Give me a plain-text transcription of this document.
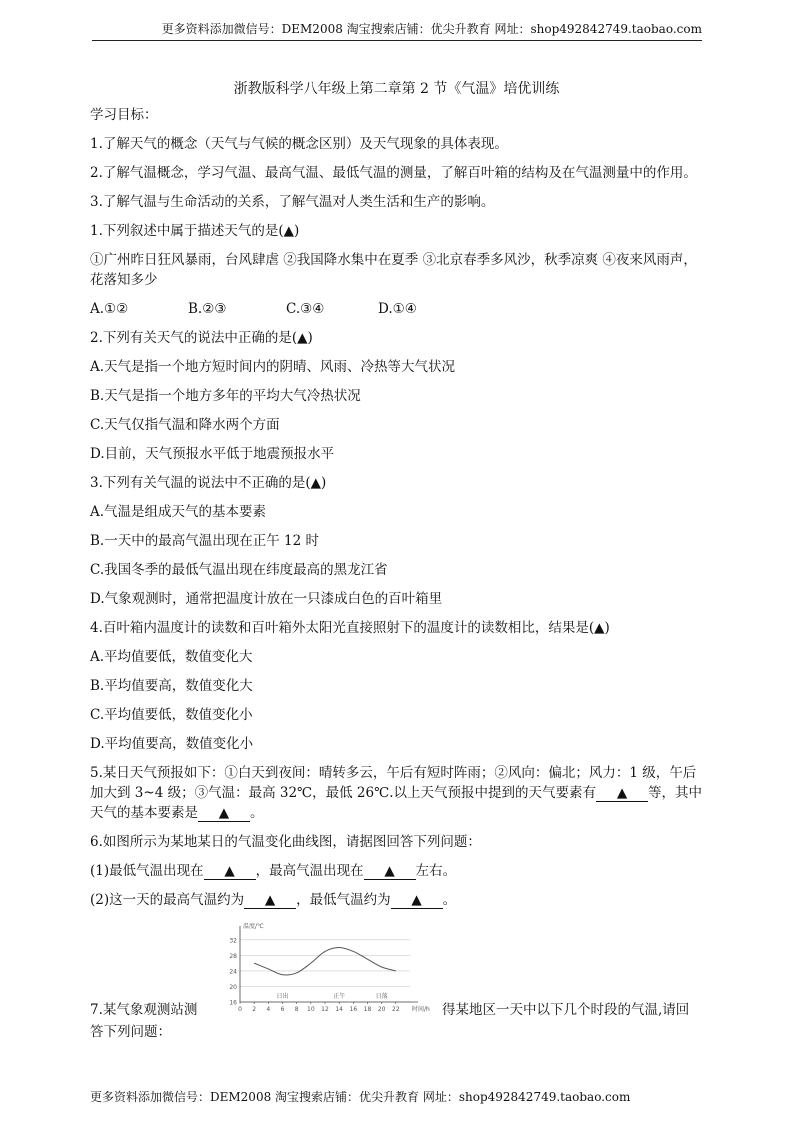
更多资料添加微信号：DEM2008 淘宝搜索店铺：优尖升教育 网址：shop492842749.taobao.com
浙教版科学八年级上第二章第 2 节《气温》培优训练

学习目标：

1.了解天气的概念（天气与气候的概念区别）及天气现象的具体表现。

2.了解气温概念，学习气温、最高气温、最低气温的测量，了解百叶箱的结构及在气温测量中的作用。

3.了解气温与生命活动的关系，了解气温对人类生活和生产的影响。

1.下列叙述中属于描述天气的是(▲)

①广州昨日狂风暴雨，台风肆虐 ②我国降水集中在夏季 ③北京春季多风沙，秋季凉爽 ④夜来风雨声，花落知多少

A.①②	B.②③	C.③④	D.①④

2.下列有关天气的说法中正确的是(▲)

A.天气是指一个地方短时间内的阴晴、风雨、冷热等大气状况

B.天气是指一个地方多年的平均大气冷热状况

C.天气仅指气温和降水两个方面

D.目前，天气预报水平低于地震预报水平

3.下列有关气温的说法中不正确的是(▲)

A.气温是组成天气的基本要素

B.一天中的最高气温出现在正午 12 时

C.我国冬季的最低气温出现在纬度最高的黑龙江省

D.气象观测时，通常把温度计放在一只漆成白色的百叶箱里

4.百叶箱内温度计的读数和百叶箱外太阳光直接照射下的温度计的读数相比，结果是(▲)

A.平均值要低，数值变化大

B.平均值要高，数值变化大

C.平均值要低，数值变化小

D.平均值要高，数值变化小

5.某日天气预报如下：①白天到夜间：晴转多云，午后有短时阵雨；②风向：偏北；风力：1 级，午后加大到 3~4 级；③气温：最高 32℃，最低 26℃.以上天气预报中提到的天气要素有 ▲ 等，其中天气的基本要素是 ▲ 。

6.如图所示为某地某日的气温变化曲线图，请据图回答下列问题：

(1)最低气温出现在 ▲ ，最高气温出现在 ▲ 左右。

(2)这一天的最高气温约为 ▲ ，最低气温约为 ▲ 。

16
20
24
28
32
温度/℃
时间/h
0 2 4 6 8 10 12 14 16 18 20 22
日出	正午	日落
7.某气象观测站测	得某地区一天中以下几个时段的气温,请回
答下列问题：
更多资料添加微信号：DEM2008 淘宝搜索店铺：优尖升教育 网址：shop492842749.taobao.com
